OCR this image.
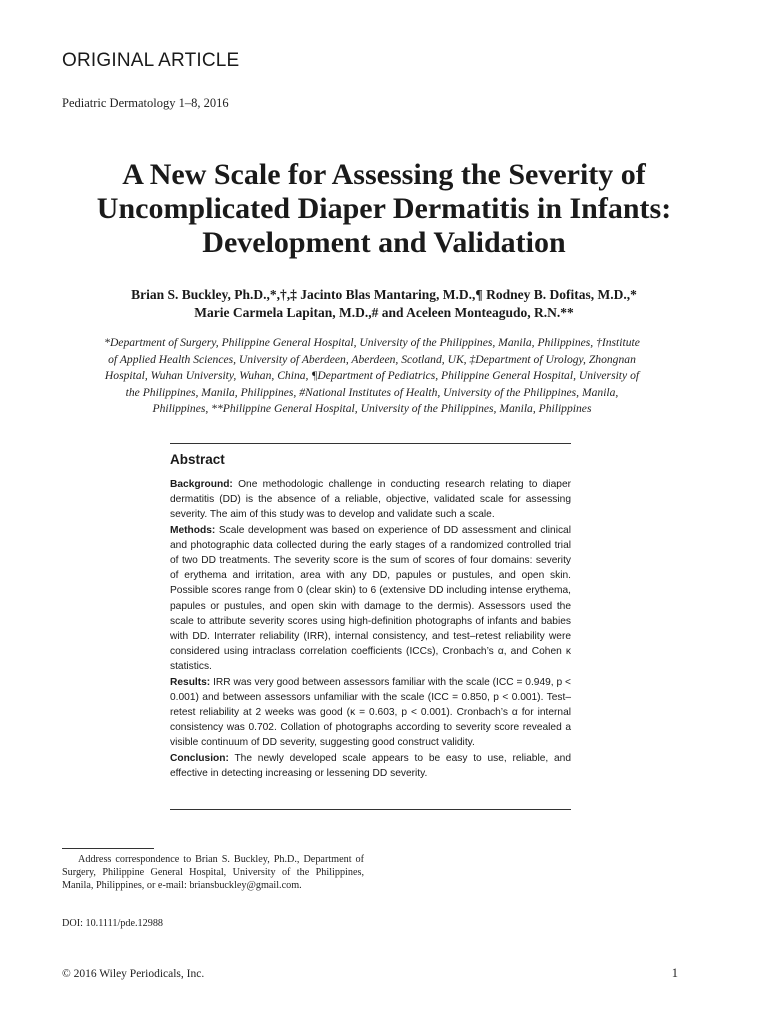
ORIGINAL ARTICLE
Pediatric Dermatology 1–8, 2016
A New Scale for Assessing the Severity of
Uncomplicated Diaper Dermatitis in Infants:
Development and Validation
Brian S. Buckley, Ph.D.,*,†,‡ Jacinto Blas Mantaring, M.D.,¶ Rodney B. Dofitas, M.D.,*
Marie Carmela Lapitan, M.D.,# and Aceleen Monteagudo, R.N.**
*Department of Surgery, Philippine General Hospital, University of the Philippines, Manila, Philippines, †Institute
of Applied Health Sciences, University of Aberdeen, Aberdeen, Scotland, UK, ‡Department of Urology, Zhongnan
Hospital, Wuhan University, Wuhan, China, ¶Department of Pediatrics, Philippine General Hospital, University of
the Philippines, Manila, Philippines, #National Institutes of Health, University of the Philippines, Manila,
Philippines, **Philippine General Hospital, University of the Philippines, Manila, Philippines
Abstract

Background: One methodologic challenge in conducting research relating to diaper dermatitis (DD) is the absence of a reliable, objective, validated scale for assessing severity. The aim of this study was to develop and validate such a scale.

Methods: Scale development was based on experience of DD assessment and clinical and photographic data collected during the early stages of a randomized controlled trial of two DD treatments. The severity score is the sum of scores of four domains: severity of erythema and irritation, area with any DD, papules or pustules, and open skin. Possible scores range from 0 (clear skin) to 6 (extensive DD including intense erythema, papules or pustules, and open skin with damage to the dermis). Assessors used the scale to attribute severity scores using high-definition photographs of infants and babies with DD. Interrater reliability (IRR), internal consistency, and test–retest reliability were considered using intraclass correlation coefficients (ICCs), Cronbach’s α, and Cohen κ statistics.

Results: IRR was very good between assessors familiar with the scale (ICC = 0.949, p < 0.001) and between assessors unfamiliar with the scale (ICC = 0.850, p < 0.001). Test–retest reliability at 2 weeks was good (κ = 0.603, p < 0.001). Cronbach’s α for internal consistency was 0.702. Collation of photographs according to severity score revealed a visible continuum of DD severity, suggesting good construct validity.

Conclusion: The newly developed scale appears to be easy to use, reliable, and effective in detecting increasing or lessening DD severity.

Address correspondence to Brian S. Buckley, Ph.D., Department of Surgery, Philippine General Hospital, University of the Philippines, Manila, Philippines, or e-mail: briansbuckley@gmail.com.

DOI: 10.1111/pde.12988
© 2016 Wiley Periodicals, Inc.	1
